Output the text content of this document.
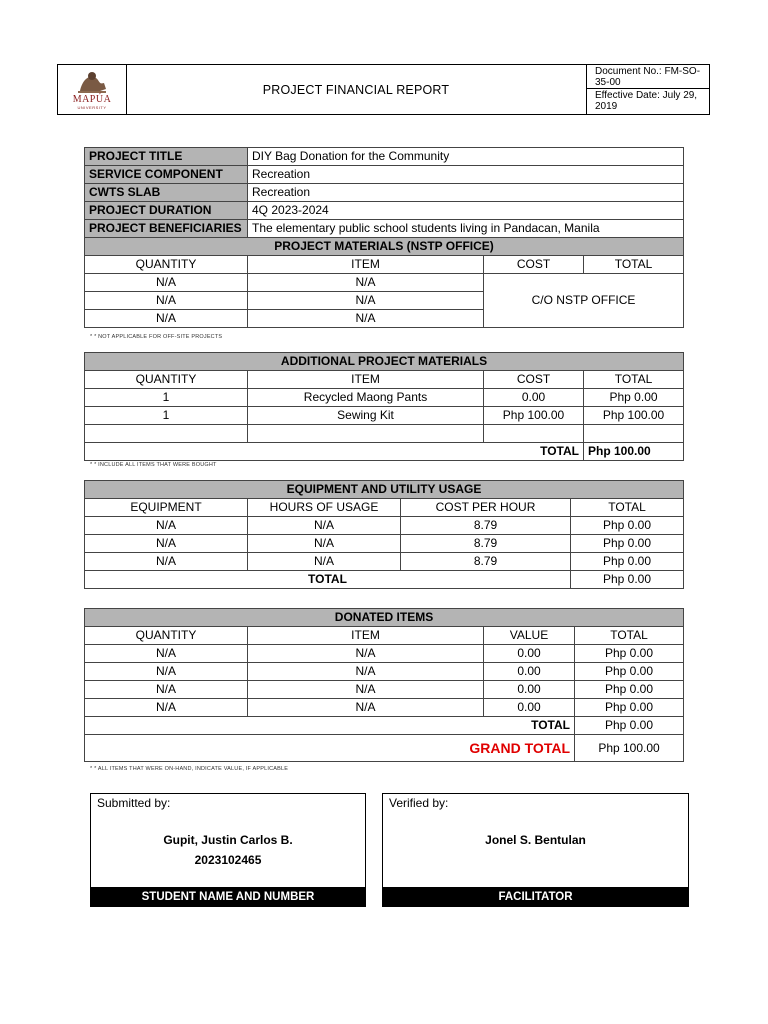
MAPÚA
UNIVERSITY
PROJECT FINANCIAL REPORT
Document No.: FM-SO-35-00
Effective Date: July 29, 2019
PROJECT TITLE	DIY Bag Donation for the Community		
SERVICE COMPONENT	Recreation		
CWTS SLAB	Recreation		
PROJECT DURATION	4Q 2023-2024		
PROJECT BENEFICIARIES	The elementary public school students living in Pandacan, Manila		
PROJECT MATERIALS (NSTP OFFICE)			
QUANTITY	ITEM	COST	TOTAL
N/A	N/A	C/O NSTP OFFICE	
N/A	N/A		
N/A	N/A		
* * NOT APPLICABLE FOR OFF-SITE PROJECTS
ADDITIONAL PROJECT MATERIALS			
QUANTITY	ITEM	COST	TOTAL
1	Recycled Maong Pants	0.00	Php 0.00
1	Sewing Kit	Php 100.00	Php 100.00

TOTAL			Php 100.00
* * INCLUDE ALL ITEMS THAT WERE BOUGHT
EQUIPMENT AND UTILITY USAGE			
EQUIPMENT	HOURS OF USAGE	COST PER HOUR	TOTAL
N/A	N/A	8.79	Php 0.00
N/A	N/A	8.79	Php 0.00
N/A	N/A	8.79	Php 0.00
TOTAL			Php 0.00
DONATED ITEMS			
QUANTITY	ITEM	VALUE	TOTAL
N/A	N/A	0.00	Php 0.00
N/A	N/A	0.00	Php 0.00
N/A	N/A	0.00	Php 0.00
N/A	N/A	0.00	Php 0.00
TOTAL			Php 0.00
GRAND TOTAL			Php 100.00
* * ALL ITEMS THAT WERE ON-HAND, INDICATE VALUE, IF APPLICABLE
Submitted by:
Gupit, Justin Carlos B.
2023102465
STUDENT NAME AND NUMBER
Verified by:
Jonel S. Bentulan
FACILITATOR
